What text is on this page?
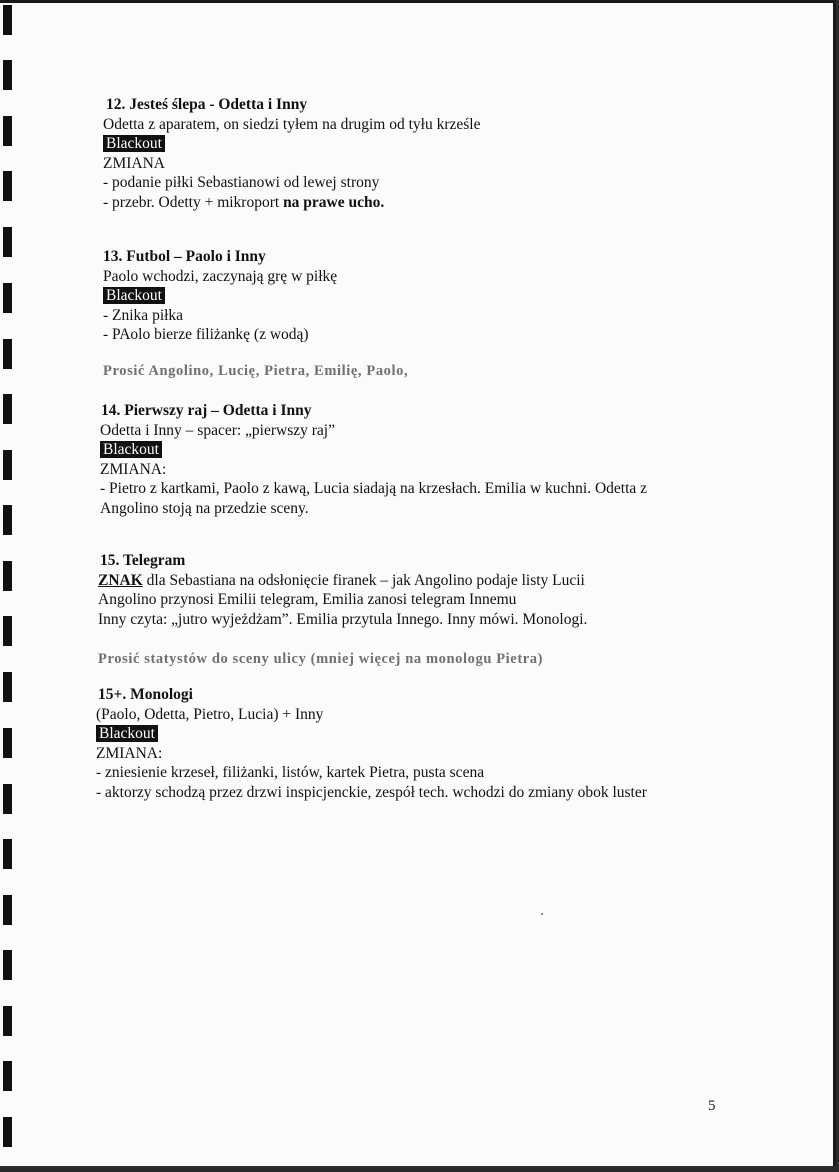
12. Jesteś ślepa - Odetta i Inny
Odetta z aparatem, on siedzi tyłem na drugim od tyłu krześle
Blackout
ZMIANA
- podanie piłki Sebastianowi od lewej strony
- przebr. Odetty + mikroport na prawe ucho.
13. Futbol – Paolo i Inny
Paolo wchodzi, zaczynają grę w piłkę
Blackout
- Znika piłka
- PAolo bierze filiżankę (z wodą)
Prosić Angolino, Lucię, Pietra, Emilię, Paolo,
14. Pierwszy raj – Odetta i Inny
Odetta i Inny – spacer: „pierwszy raj”
Blackout
ZMIANA:
- Pietro z kartkami, Paolo z kawą, Lucia siadają na krzesłach. Emilia w kuchni. Odetta z
Angolino stoją na przedzie sceny.
15. Telegram
ZNAK dla Sebastiana na odsłonięcie firanek – jak Angolino podaje listy Lucii
Angolino przynosi Emilii telegram, Emilia zanosi telegram Innemu
Inny czyta: „jutro wyjeżdżam”. Emilia przytula Innego. Inny mówi. Monologi.
Prosić statystów do sceny ulicy (mniej więcej na monologu Pietra)
15+. Monologi
(Paolo, Odetta, Pietro, Lucia) + Inny
Blackout
ZMIANA:
- zniesienie krzeseł, filiżanki, listów, kartek Pietra, pusta scena
- aktorzy schodzą przez drzwi inspicjenckie, zespół tech. wchodzi do zmiany obok luster
5
